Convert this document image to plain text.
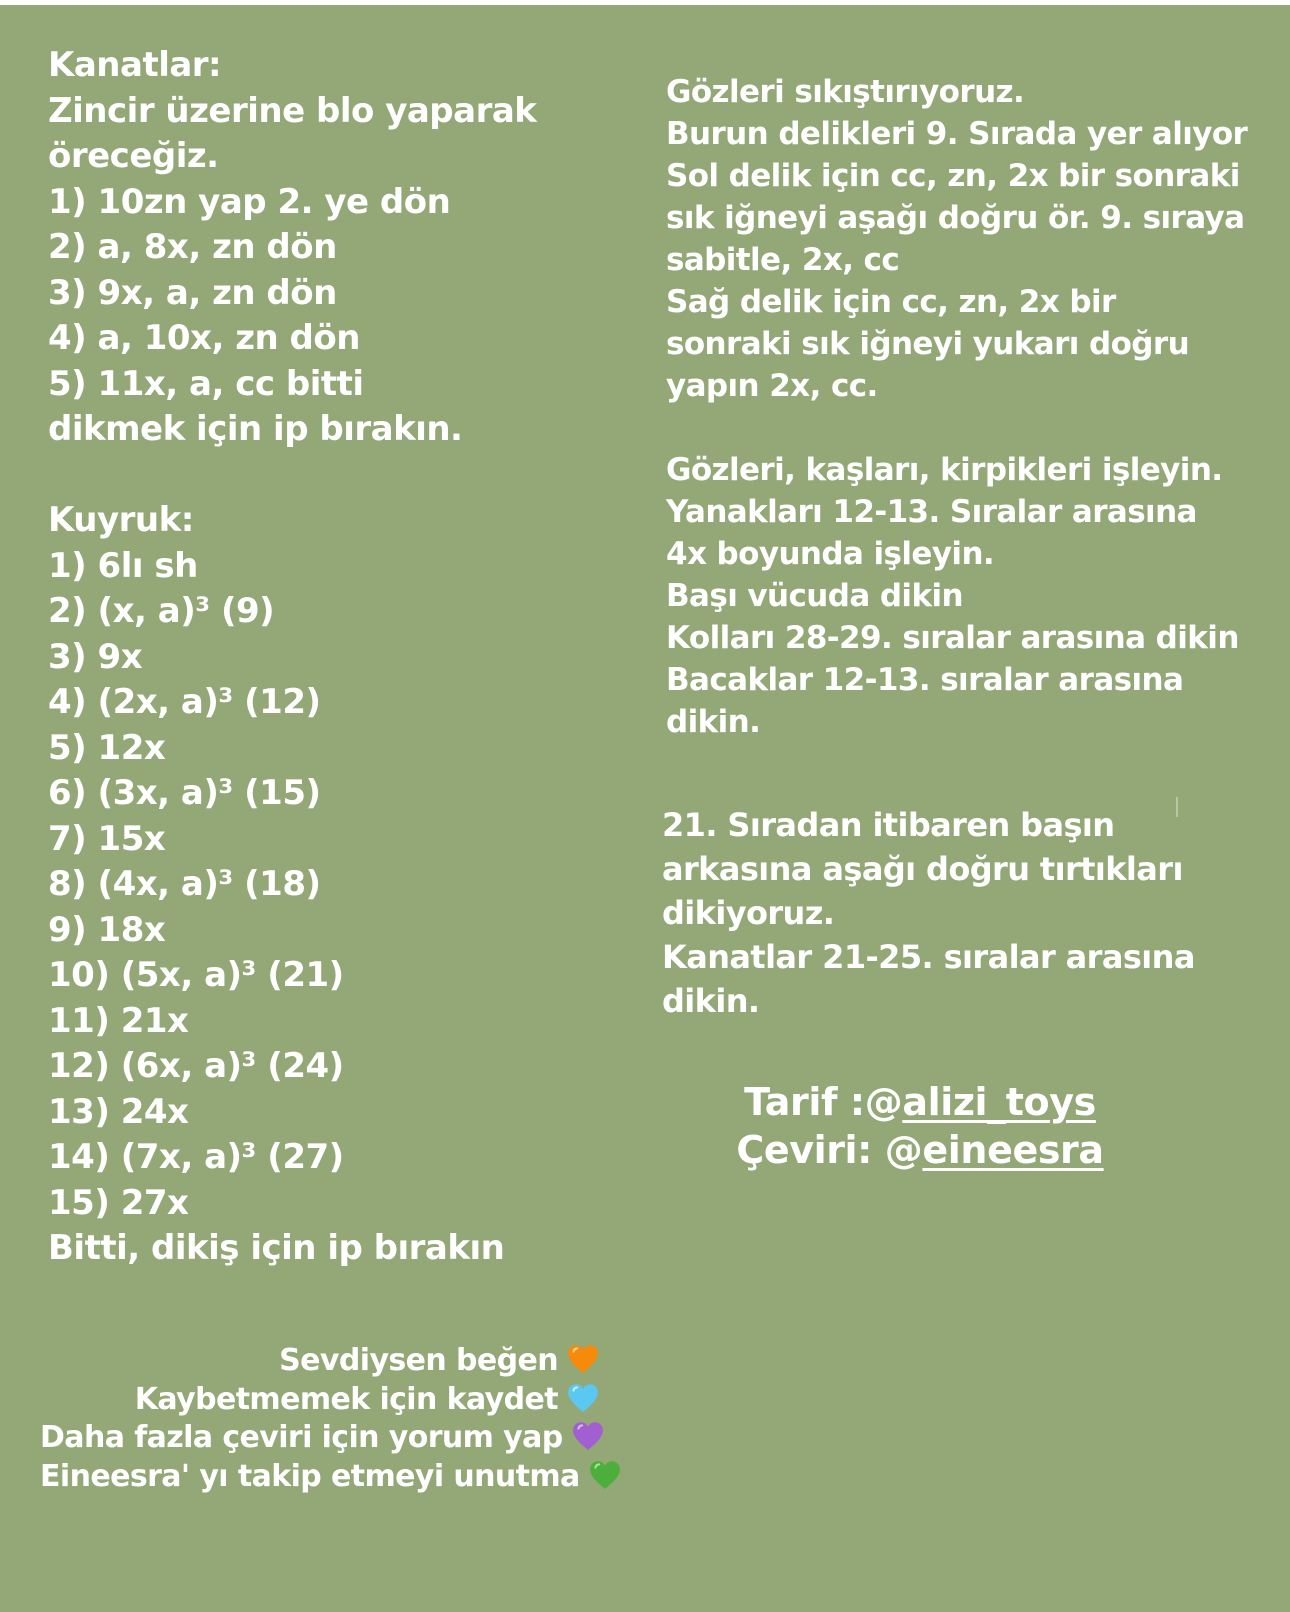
Kanatlar:
Zincir üzerine blo yaparak
öreceğiz.
1) 10zn yap 2. ye dön
2) a, 8x, zn dön
3) 9x, a, zn dön
4) a, 10x, zn dön
5) 11x, a, cc bitti
dikmek için ip bırakın.
Kuyruk:
1) 6lı sh
2) (x, a)³ (9)
3) 9x
4) (2x, a)³ (12)
5) 12x
6) (3x, a)³ (15)
7) 15x
8) (4x, a)³ (18)
9) 18x
10) (5x, a)³ (21)
11) 21x
12) (6x, a)³ (24)
13) 24x
14) (7x, a)³ (27)
15) 27x
Bitti, dikiş için ip bırakın
Gözleri sıkıştırıyoruz.
Burun delikleri 9. Sırada yer alıyor
Sol delik için cc, zn, 2x bir sonraki
sık iğneyi aşağı doğru ör. 9. sıraya
sabitle, 2x, cc
Sağ delik için cc, zn, 2x bir
sonraki sık iğneyi yukarı doğru
yapın 2x, cc.
Gözleri, kaşları, kirpikleri işleyin.
Yanakları 12-13. Sıralar arasına
4x boyunda işleyin.
Başı vücuda dikin
Kolları 28-29. sıralar arasına dikin
Bacaklar 12-13. sıralar arasına
dikin.
21. Sıradan itibaren başın
arkasına aşağı doğru tırtıkları
dikiyoruz.
Kanatlar 21-25. sıralar arasına
dikin.
Tarif :@alizi_toys
Çeviri: @eineesra
Sevdiysen beğen
Kaybetmemek için kaydet
Daha fazla çeviri için yorum yap
Eineesra' yı takip etmeyi unutma
